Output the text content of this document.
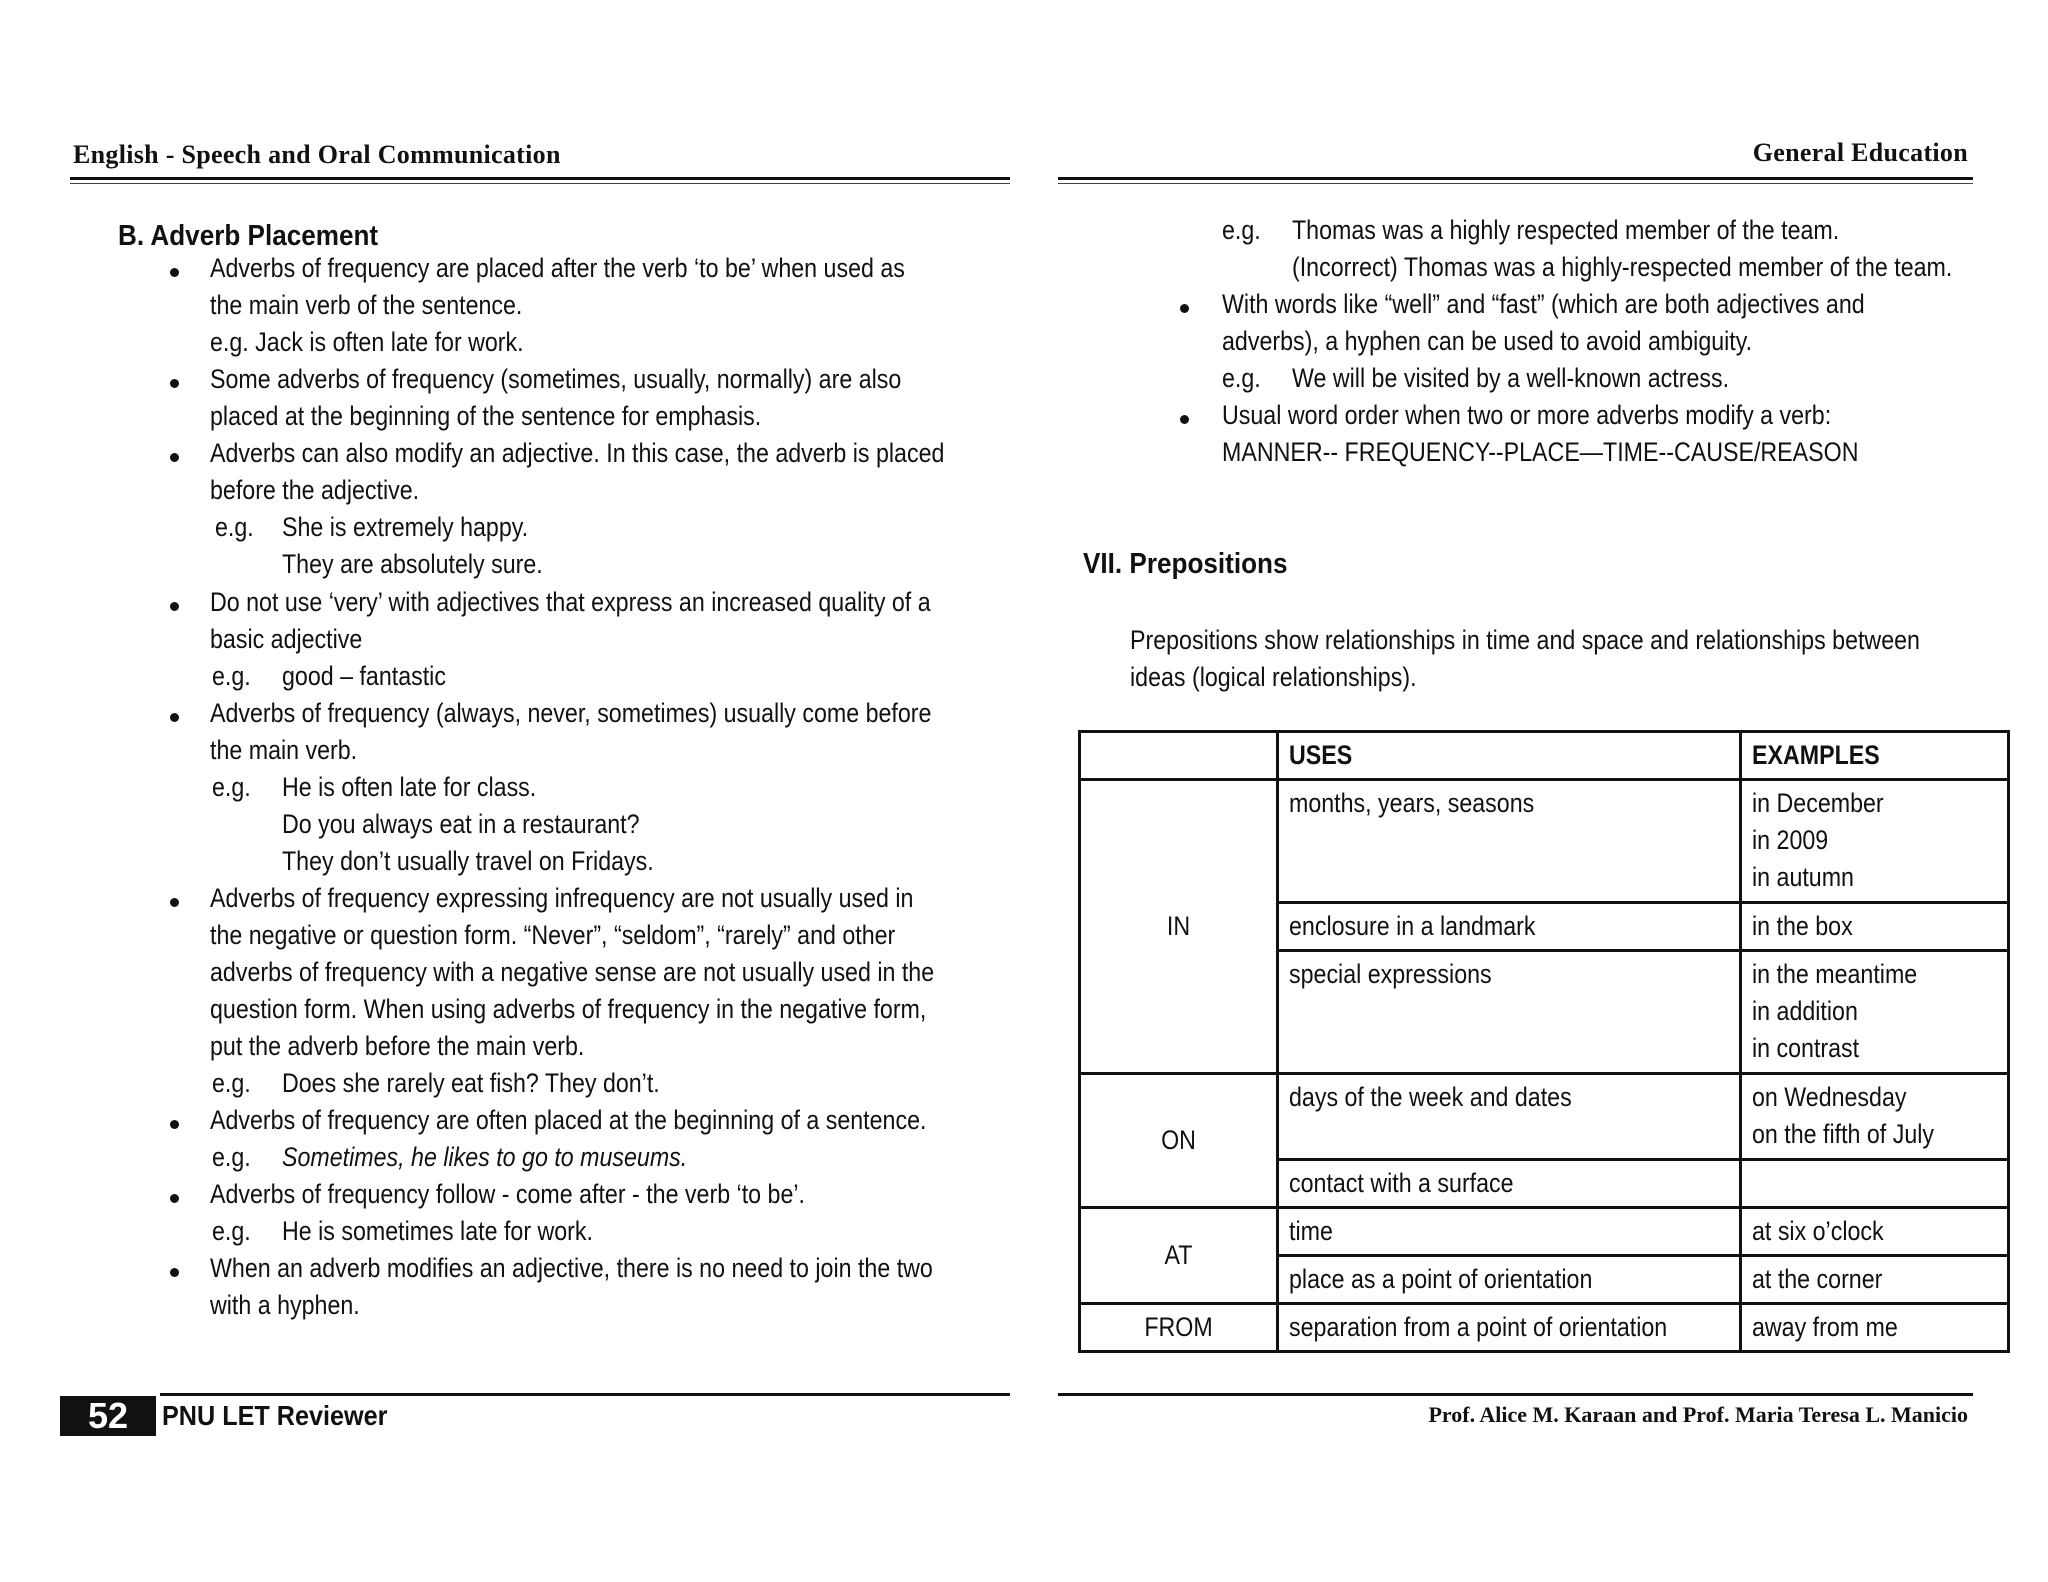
English - Speech and Oral Communication
B. Adverb Placement
Adverbs of frequency are placed after the verb ‘to be’ when used as
the main verb of the sentence.
e.g. Jack is often late for work.
Some adverbs of frequency (sometimes, usually, normally) are also
placed at the beginning of the sentence for emphasis.
Adverbs can also modify an adjective. In this case, the adverb is placed
before the adjective.
e.g. She is extremely happy.
They are absolutely sure.
Do not use ‘very’ with adjectives that express an increased quality of a
basic adjective
e.g. good – fantastic
Adverbs of frequency (always, never, sometimes) usually come before
the main verb.
e.g. He is often late for class.
Do you always eat in a restaurant?
They don’t usually travel on Fridays.
Adverbs of frequency expressing infrequency are not usually used in
the negative or question form. “Never”, “seldom”, “rarely” and other
adverbs of frequency with a negative sense are not usually used in the
question form. When using adverbs of frequency in the negative form,
put the adverb before the main verb.
e.g. Does she rarely eat fish? They don’t.
Adverbs of frequency are often placed at the beginning of a sentence.
e.g. Sometimes, he likes to go to museums.
Adverbs of frequency follow - come after - the verb ‘to be’.
e.g. He is sometimes late for work.
When an adverb modifies an adjective, there is no need to join the two
with a hyphen.
52	PNU LET Reviewer
General Education
e.g. Thomas was a highly respected member of the team.
(Incorrect) Thomas was a highly-respected member of the team.
With words like “well” and “fast” (which are both adjectives and
adverbs), a hyphen can be used to avoid ambiguity.
e.g. We will be visited by a well-known actress.
Usual word order when two or more adverbs modify a verb:
MANNER-- FREQUENCY--PLACE—TIME--CAUSE/REASON
VII. Prepositions
Prepositions show relationships in time and space and relationships between
ideas (logical relationships).

	USES	EXAMPLES

IN	months, years, seasons	in December
in 2009
in autumn

	enclosure in a landmark	in the box

	special expressions	in the meantime
in addition
in contrast

ON	days of the week and dates	on Wednesday
on the fifth of July

	contact with a surface	

AT	time	at six o’clock

	place as a point of orientation	at the corner

FROM	separation from a point of orientation	away from me
Prof. Alice M. Karaan and Prof. Maria Teresa L. Manicio
